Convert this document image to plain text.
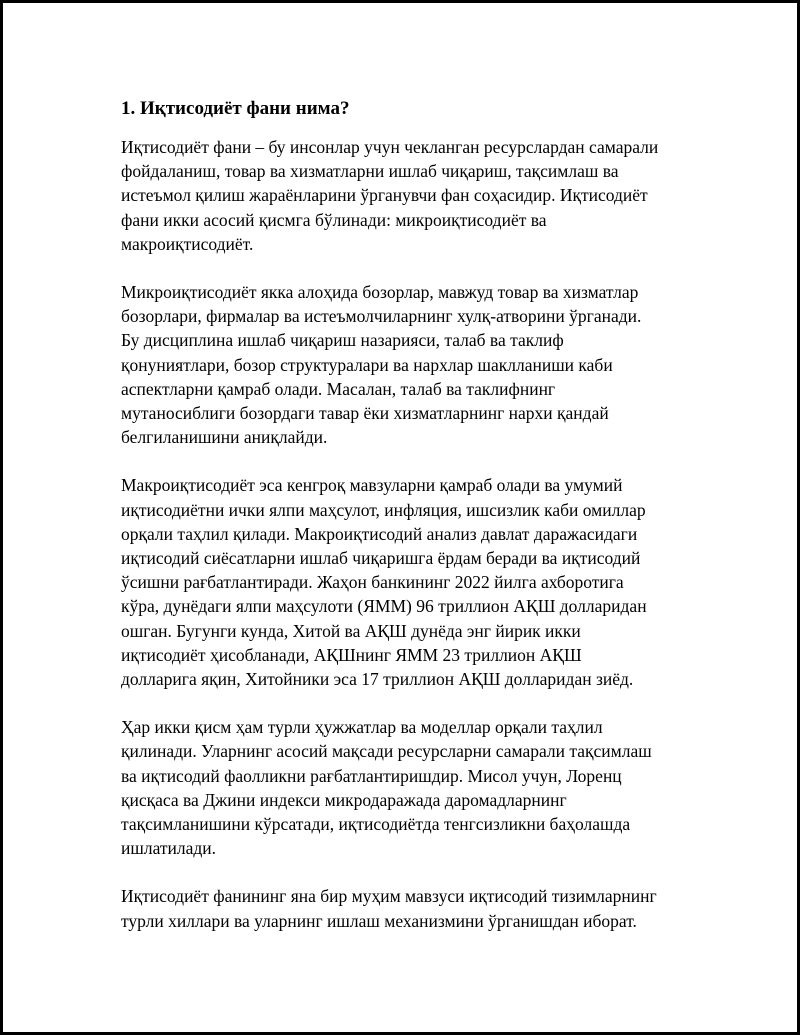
1. Иқтисодиёт фани нима?

Иқтисодиёт фани – бу инсонлар учун чекланган ресурслардан самарали
фойдаланиш, товар ва хизматларни ишлаб чиқариш, тақсимлаш ва
истеъмол қилиш жараёнларини ўрганувчи фан соҳасидир. Иқтисодиёт
фани икки асосий қисмга бўлинади: микроиқтисодиёт ва
макроиқтисодиёт.

Микроиқтисодиёт якка алоҳида бозорлар, мавжуд товар ва хизматлар
бозорлари, фирмалар ва истеъмолчиларнинг хулқ-атворини ўрганади.
Бу дисциплина ишлаб чиқариш назарияси, талаб ва таклиф
қонуниятлари, бозор структуралари ва нархлар шаклланиши каби
аспектларни қамраб олади. Масалан, талаб ва таклифнинг
мутаносиблиги бозордаги тавар ёки хизматларнинг нархи қандай
белгиланишини аниқлайди.

Макроиқтисодиёт эса кенгроқ мавзуларни қамраб олади ва умумий
иқтисодиётни ички ялпи маҳсулот, инфляция, ишсизлик каби омиллар
орқали таҳлил қилади. Макроиқтисодий анализ давлат даражасидаги
иқтисодий сиёсатларни ишлаб чиқаришга ёрдам беради ва иқтисодий
ўсишни рағбатлантиради. Жаҳон банкининг 2022 йилга ахборотига
кўра, дунёдаги ялпи маҳсулоти (ЯММ) 96 триллион АҚШ долларидан
ошган. Бугунги кунда, Хитой ва АҚШ дунёда энг йирик икки
иқтисодиёт ҳисобланади, АҚШнинг ЯММ 23 триллион АҚШ
долларига яқин, Хитойники эса 17 триллион АҚШ долларидан зиёд.

Ҳар икки қисм ҳам турли ҳужжатлар ва моделлар орқали таҳлил
қилинади. Уларнинг асосий мақсади ресурсларни самарали тақсимлаш
ва иқтисодий фаолликни рағбатлантиришдир. Мисол учун, Лоренц
қисқаса ва Джини индекси микродаражада даромадларнинг
тақсимланишини кўрсатади, иқтисодиётда тенгсизликни баҳолашда
ишлатилади.

Иқтисодиёт фанининг яна бир муҳим мавзуси иқтисодий тизимларнинг
турли хиллари ва уларнинг ишлаш механизмини ўрганишдан иборат.
